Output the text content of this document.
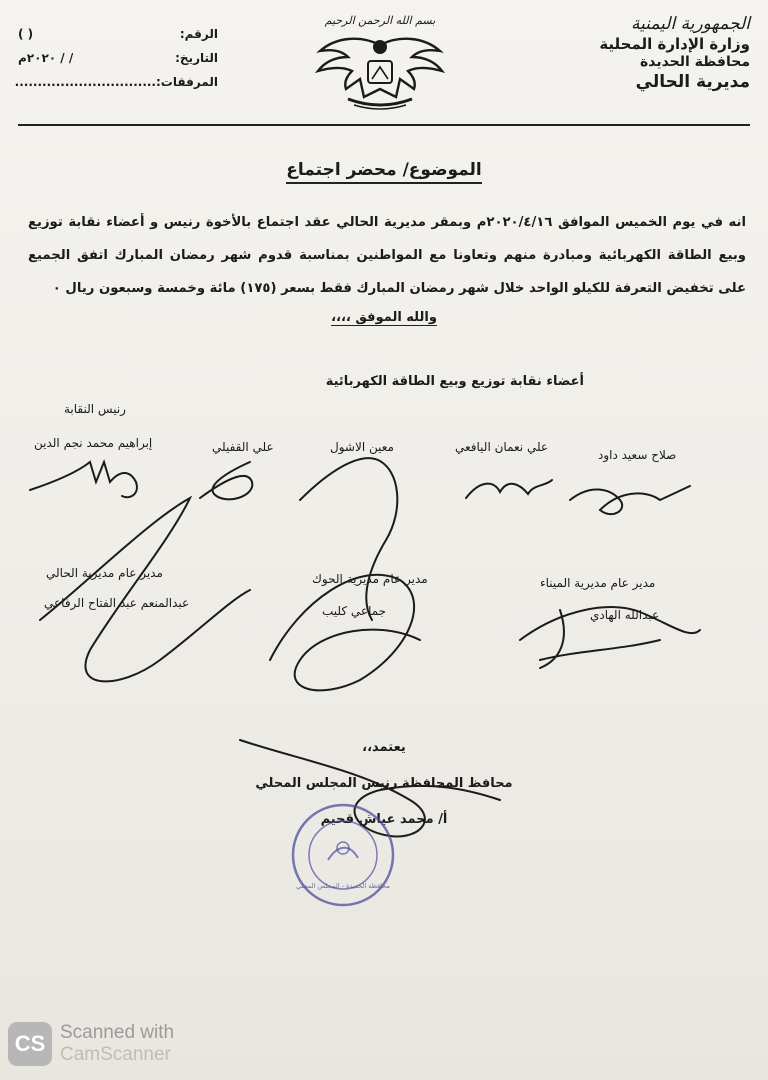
الجمهورية اليمنية
وزارة الإدارة المحلية
محافظة الحديدة
مديرية الحالي
بسم الله الرحمن الرحيم
الرقم:
( )
التاريخ:
/ / ٢٠٢٠م
المرفقات:
...............................
الموضوع/ محضر اجتماع
انه في يوم الخميس الموافق ٢٠٢٠/٤/١٦م وبمقر مديرية الحالي عقد اجتماع بالأخوة رنيس و أعضاء نقابة توزيع وبيع الطاقة الكهربائية ومبادرة منهم وتعاونا مع المواطنين بمناسبة قدوم شهر رمضان المبارك اتفق الجميع على تخفيض التعرفة للكيلو الواحد خلال شهر رمضان المبارك فقط بسعر (١٧٥) مائة وخمسة وسبعون ريال ٠
والله الموفق ،،،،
أعضاء نقابة توزيع وبيع الطاقة الكهربائية
رنيس النقابة
إبراهيم محمد نجم الدين	علي القفيلي	معين الاشول	علي نعمان اليافعي
صلاح سعيد داود
مدير عام مديرية الحالي
عبدالمنعم عبد الفتاح الرفاعي
مدير عام مديرية الحوك
جماعي كليب
مدير عام مديرية الميناء
عبدالله الهادي
يعتمد،،
محافظ المحافظة رنيس المجلس المحلي
أ/ محمد عياش قحيم
محافظة الحديدة - المجلس المحلي
CS Scanned with
CamScanner
